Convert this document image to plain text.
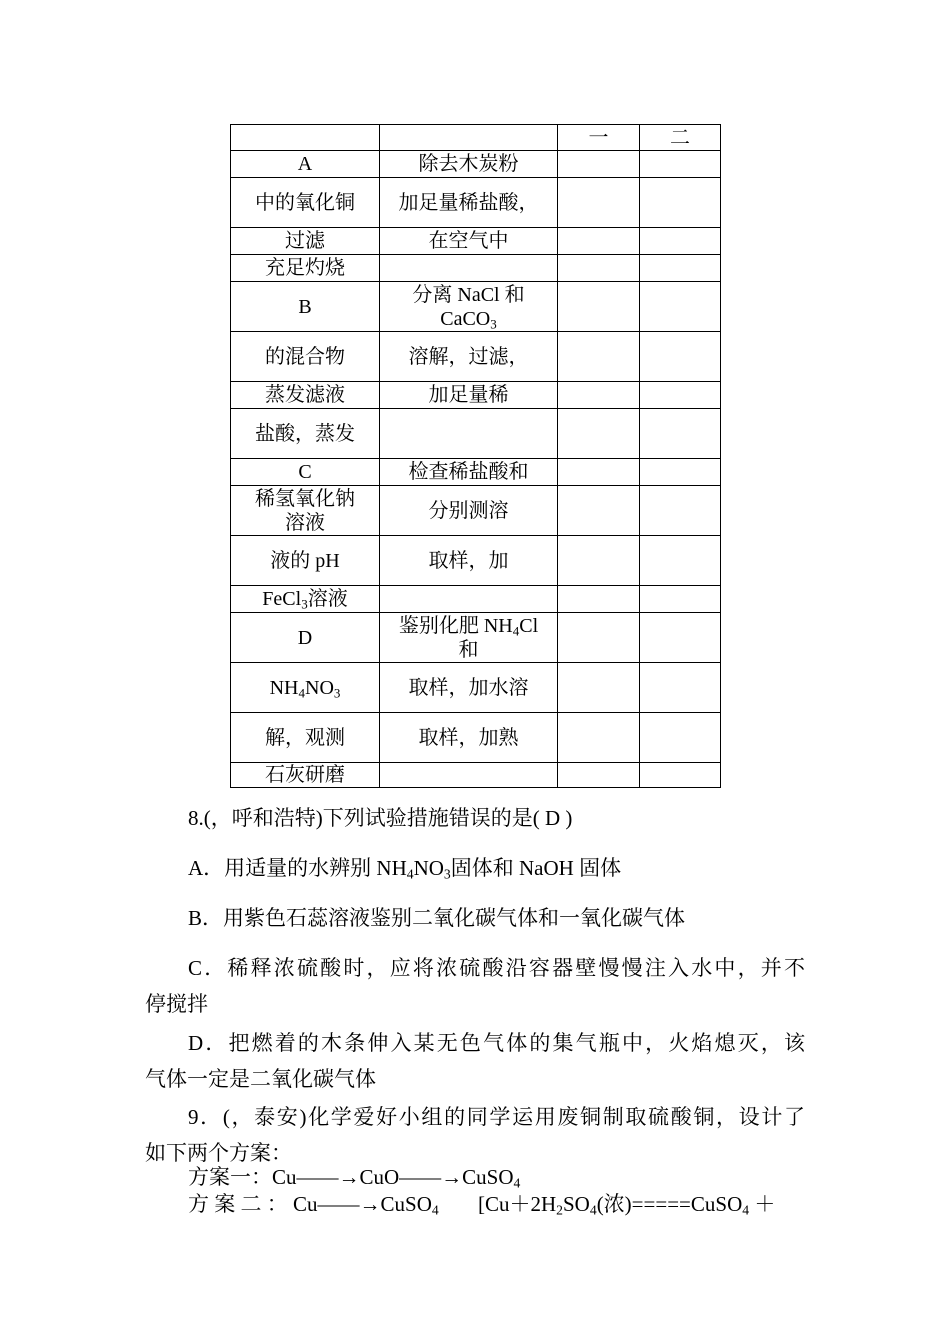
		一	二
A	除去木炭粉		
中的氧化铜	加足量稀盐酸，		
过滤	在空气中		
充足灼烧			
B	分离 NaCl 和
CaCO$_3$		
的混合物	溶解，过滤，		
蒸发滤液	加足量稀		
盐酸，蒸发			
C	检查稀盐酸和		
稀氢氧化钠
溶液	分别测溶		
液的 pH	取样，加		
FeCl$_3$溶液			
D	鉴别化肥 $NH_4Cl$
和		
$NH_4NO_3$	取样，加水溶		
解，观测	取样，加熟		
石灰研磨			
8.(，呼和浩特)下列试验措施错误的是( D )
A．用适量的水辨别 $NH_4NO_3$固体和 NaOH 固体
B．用紫色石蕊溶液鉴别二氧化碳气体和一氧化碳气体
C．稀释浓硫酸时，应将浓硫酸沿容器壁慢慢注入水中，并不
停搅拌
D．把燃着的木条伸入某无色气体的集气瓶中，火焰熄灭，该
气体一定是二氧化碳气体
9．(，泰安)化学爱好小组的同学运用废铜制取硫酸铜，设计了
如下两个方案：
方案一：Cu——→CuO——→CuSO$_4$
方 案 二 ： Cu——→CuSO$_4$ [$Cu+2H_2SO_4$(浓)=====CuSO$_4$ ＋
